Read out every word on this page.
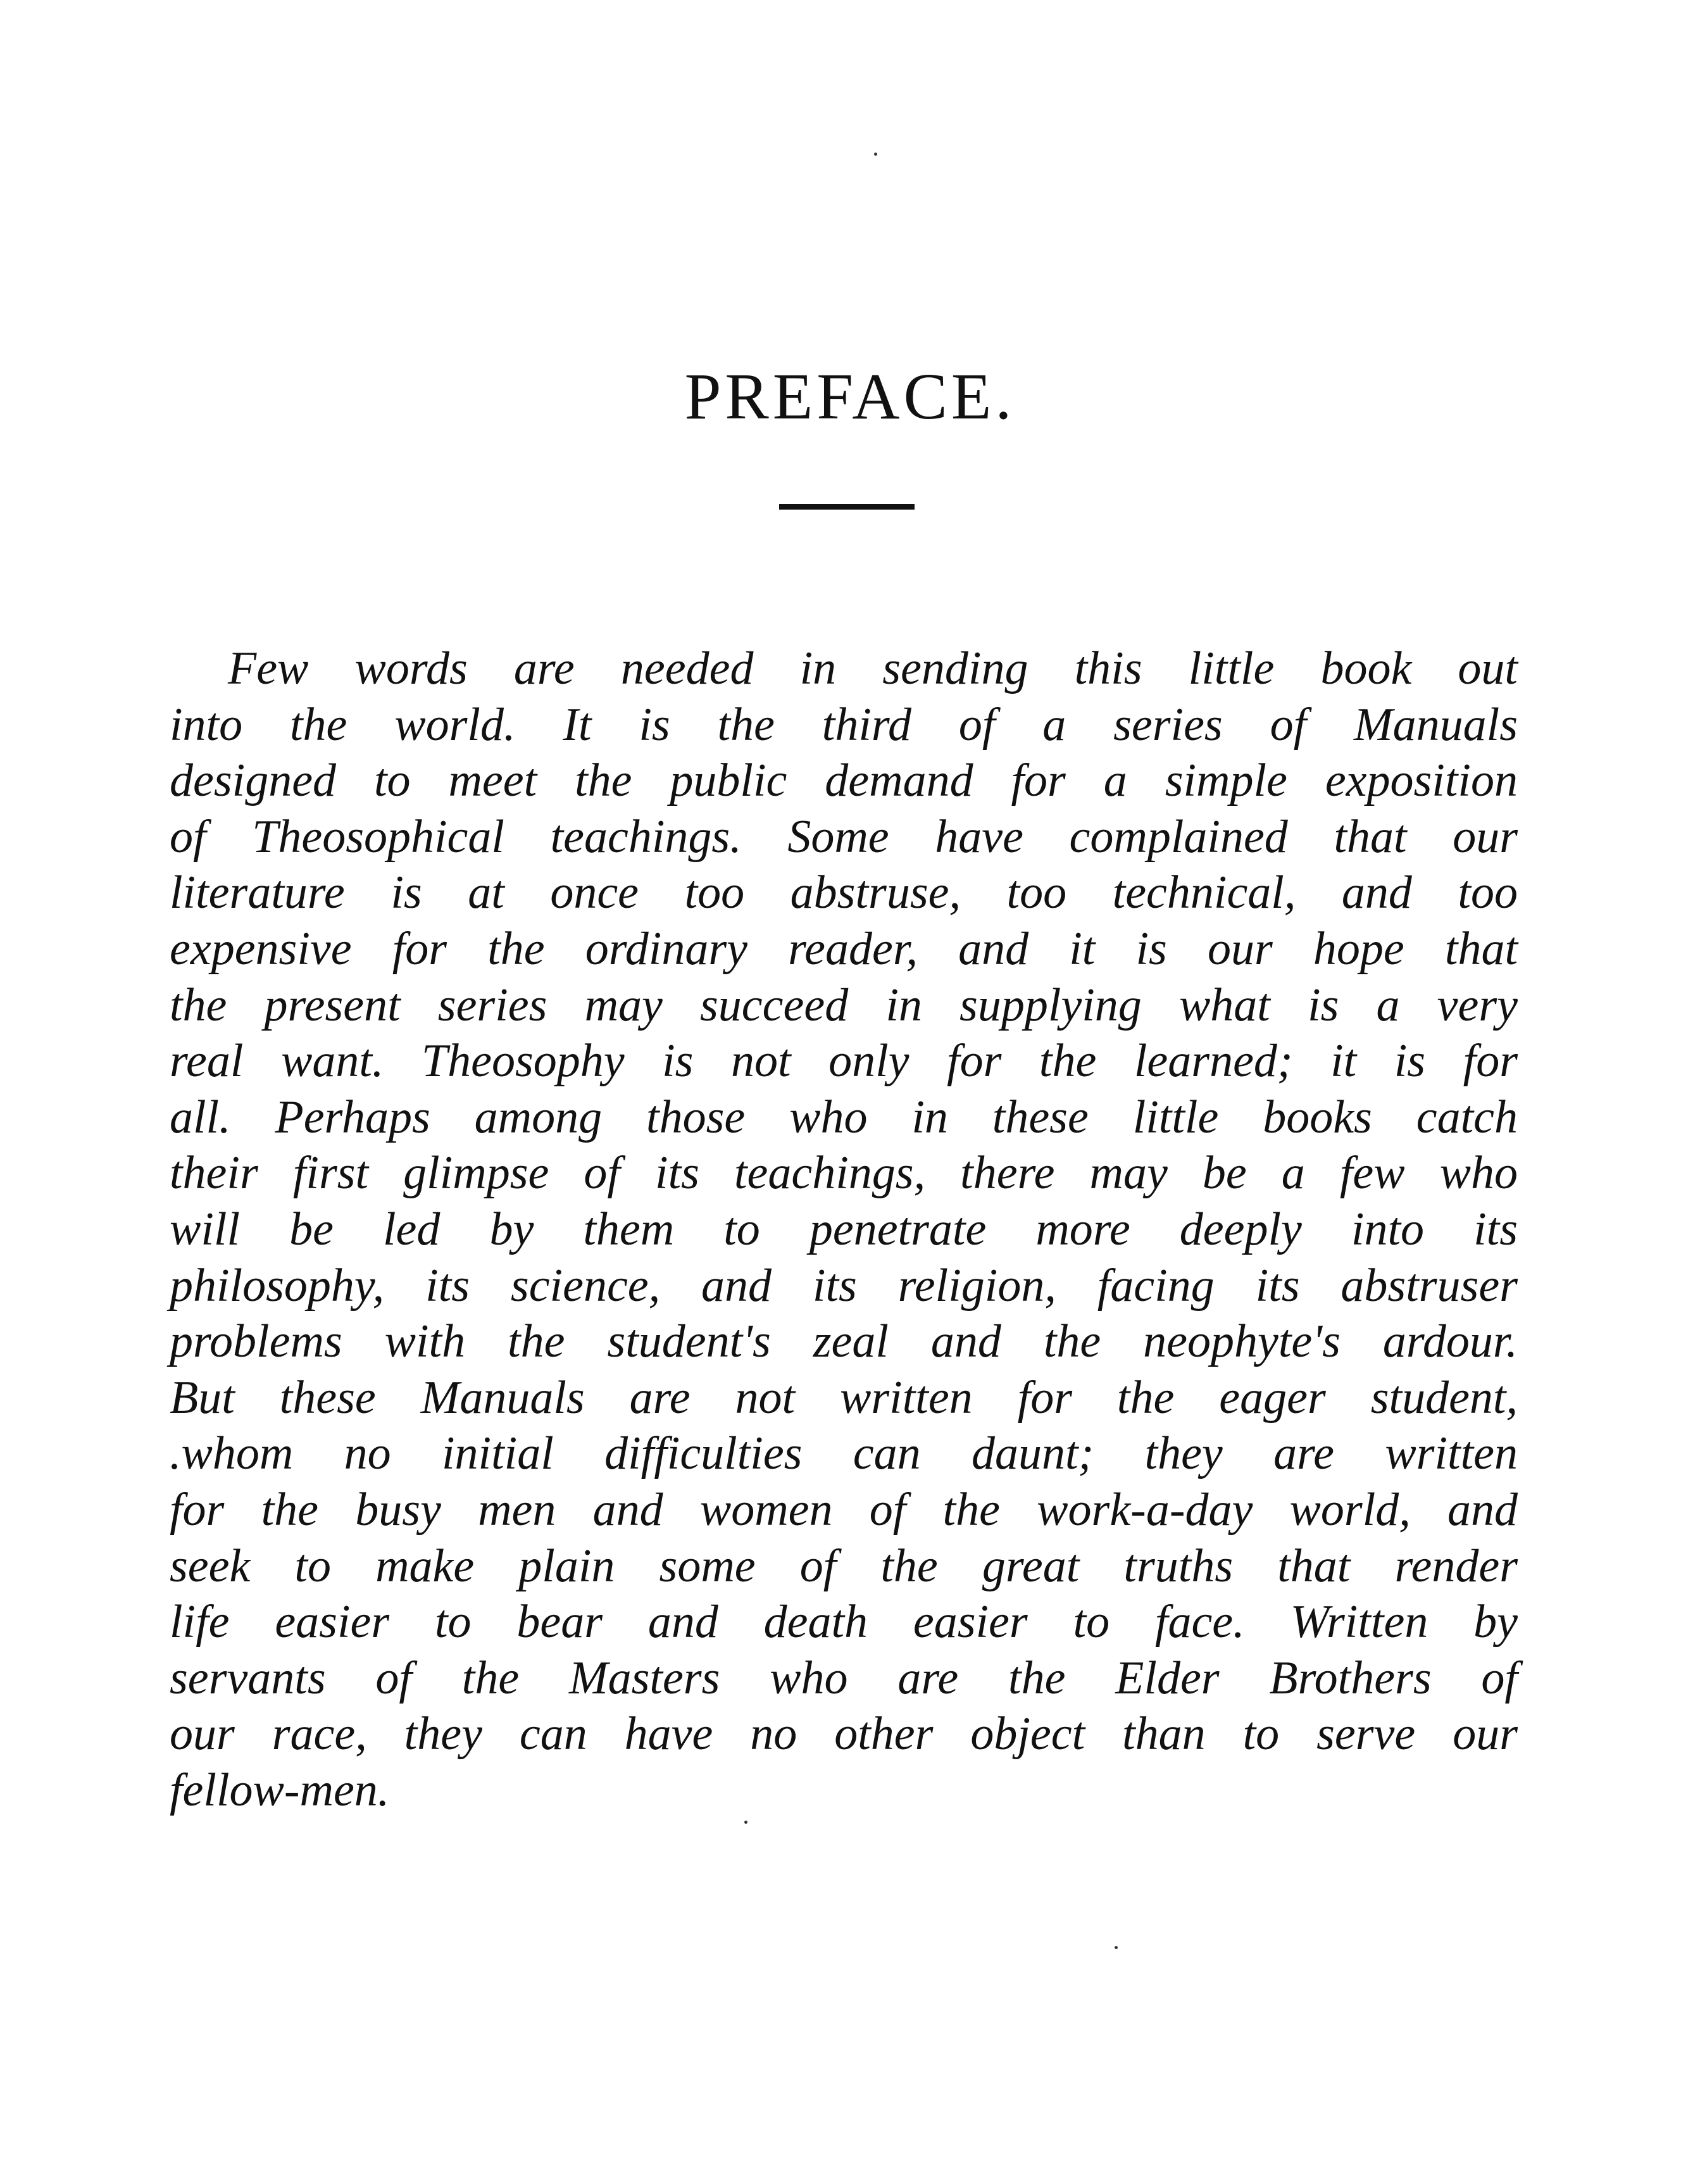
PREFACE.

Few words are needed in sending this little book out
into the world. It is the third of a series of Manuals
designed to meet the public demand for a simple exposition
of Theosophical teachings. Some have complained that our
literature is at once too abstruse, too technical, and too
expensive for the ordinary reader, and it is our hope that
the present series may succeed in supplying what is a very
real want. Theosophy is not only for the learned; it is for
all. Perhaps among those who in these little books catch
their first glimpse of its teachings, there may be a few who
will be led by them to penetrate more deeply into its
philosophy, its science, and its religion, facing its abstruser
problems with the student's zeal and the neophyte's ardour.
But these Manuals are not written for the eager student,
.whom no initial difficulties can daunt; they are written
for the busy men and women of the work-a-day world, and
seek to make plain some of the great truths that render
life easier to bear and death easier to face. Written by
servants of the Masters who are the Elder Brothers of
our race, they can have no other object than to serve our
fellow-men.
